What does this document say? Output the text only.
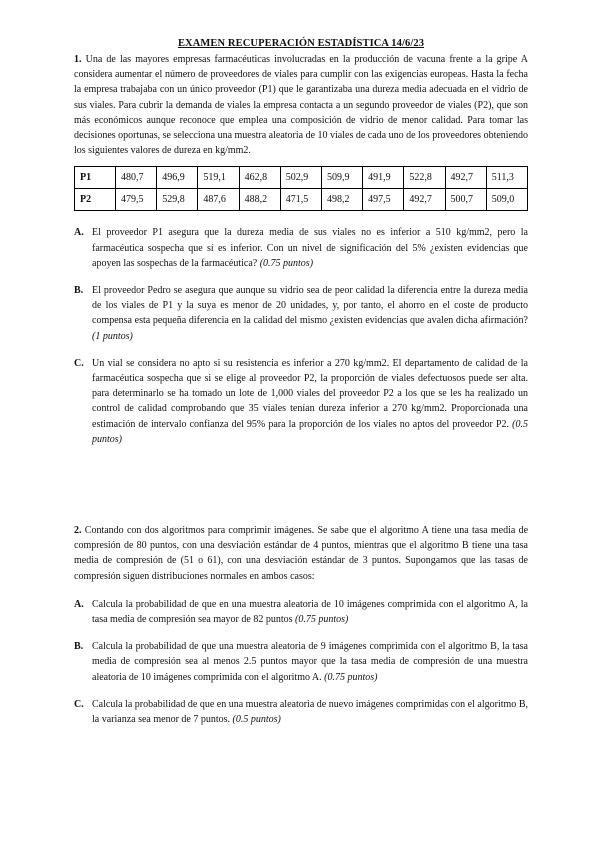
EXAMEN RECUPERACIÓN ESTADÍSTICA 14/6/23

1. Una de las mayores empresas farmacéuticas involucradas en la producción de vacuna frente a la gripe A considera aumentar el número de proveedores de viales para cumplir con las exigencias europeas. Hasta la fecha la empresa trabajaba con un único proveedor (P1) que le garantizaba una dureza media adecuada en el vidrio de sus viales. Para cubrir la demanda de viales la empresa contacta a un segundo proveedor de viales (P2), que son más económicos aunque reconoce que emplea una composición de vidrio de menor calidad. Para tomar las decisiones oportunas, se selecciona una muestra aleatoria de 10 viales de cada uno de los proveedores obteniendo los siguientes valores de dureza en kg/mm2.

P1	480,7	496,9	519,1	462,8	502,9	509,9	491,9	522,8	492,7	511,3
P2	479,5	529,8	487,6	488,2	471,5	498,2	497,5	492,7	500,7	509,0
A. El proveedor P1 asegura que la dureza media de sus viales no es inferior a 510 kg/mm2, pero la farmacéutica sospecha que sí es inferior. Con un nivel de significación del 5% ¿existen evidencias que apoyen las sospechas de la farmacéutica? (0.75 puntos)
B. El proveedor Pedro se asegura que aunque su vidrio sea de peor calidad la diferencia entre la dureza media de los viales de P1 y la suya es menor de 20 unidades, y, por tanto, el ahorro en el coste de producto compensa esta pequeña diferencia en la calidad del mismo ¿existen evidencias que avalen dicha afirmación? (1 puntos)
C. Un vial se considera no apto si su resistencia es inferior a 270 kg/mm2. El departamento de calidad de la farmacéutica sospecha que si se elige al proveedor P2, la proporción de viales defectuosos puede ser alta. para determinarlo se ha tomado un lote de 1,000 viales del proveedor P2 a los que se les ha realizado un control de calidad comprobando que 35 viales tenían dureza inferior a 270 kg/mm2. Proporcionada una estimación de intervalo confianza del 95% para la proporción de los viales no aptos del proveedor P2. (0.5 puntos)

2. Contando con dos algoritmos para comprimir imágenes. Se sabe que el algoritmo A tiene una tasa media de compresión de 80 puntos, con una desviación estándar de 4 puntos, mientras que el algoritmo B tiene una tasa media de compresión de (51 o 61), con una desviación estándar de 3 puntos. Supongamos que las tasas de compresión siguen distribuciones normales en ambos casos:

A. Calcula la probabilidad de que en una muestra aleatoria de 10 imágenes comprimida con el algoritmo A, la tasa media de compresión sea mayor de 82 puntos (0.75 puntos)
B. Calcula la probabilidad de que una muestra aleatoria de 9 imágenes comprimida con el algoritmo B, la tasa media de compresión sea al menos 2.5 puntos mayor que la tasa media de compresión de una muestra aleatoria de 10 imágenes comprimida con el algoritmo A. (0.75 puntos)
C. Calcula la probabilidad de que en una muestra aleatoria de nuevo imágenes comprimidas con el algoritmo B, la varianza sea menor de 7 puntos. (0.5 puntos)
